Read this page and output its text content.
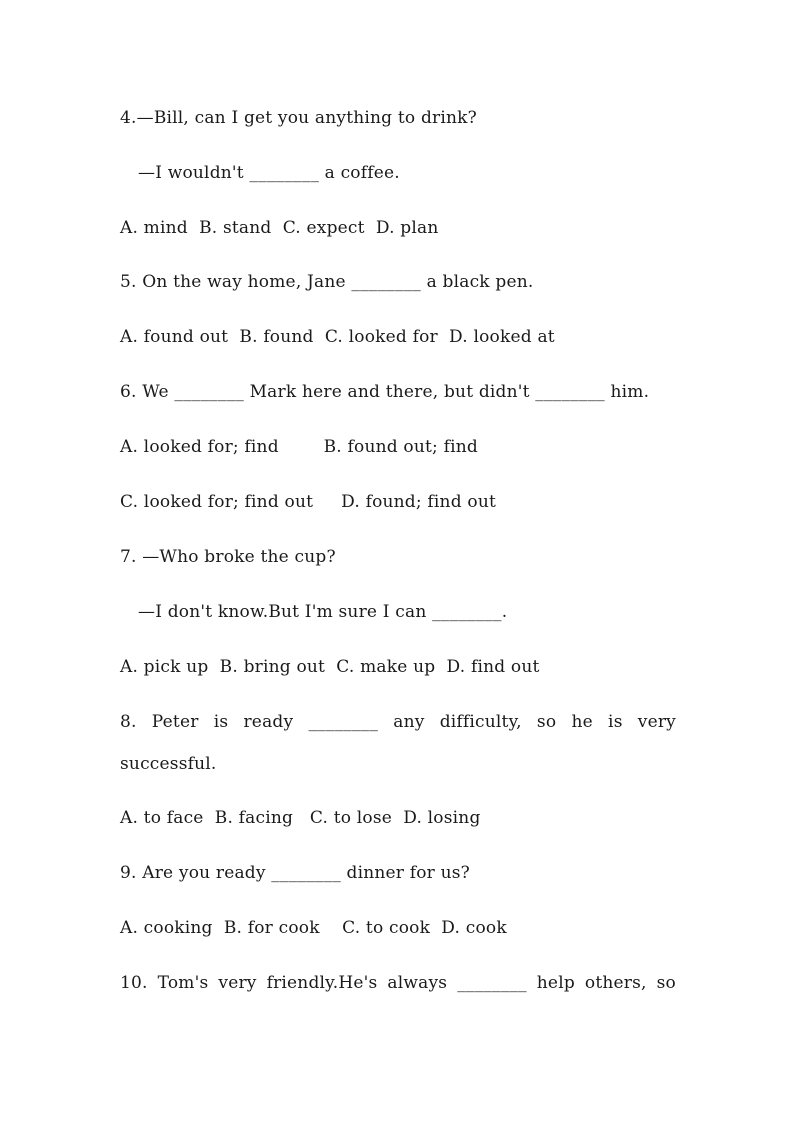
4.—Bill, can I get you anything to drink?
—I wouldn't ________ a coffee.
A. mind  B. stand  C. expect  D. plan
5. On the way home, Jane ________ a black pen.
A. found out  B. found  C. looked for  D. looked at
6. We ________ Mark here and there, but didn't ________ him.
A. looked for; find        B. found out; find
C. looked for; find out     D. found; find out
7. —Who broke the cup?
—I don't know.But I'm sure I can ________.
A. pick up  B. bring out  C. make up  D. find out
8. Peter is ready ________ any difficulty, so he is very
successful.
A. to face  B. facing   C. to lose  D. losing
9. Are you ready ________ dinner for us?
A. cooking  B. for cook    C. to cook  D. cook
10. Tom's very friendly.He's always ________ help others, so
